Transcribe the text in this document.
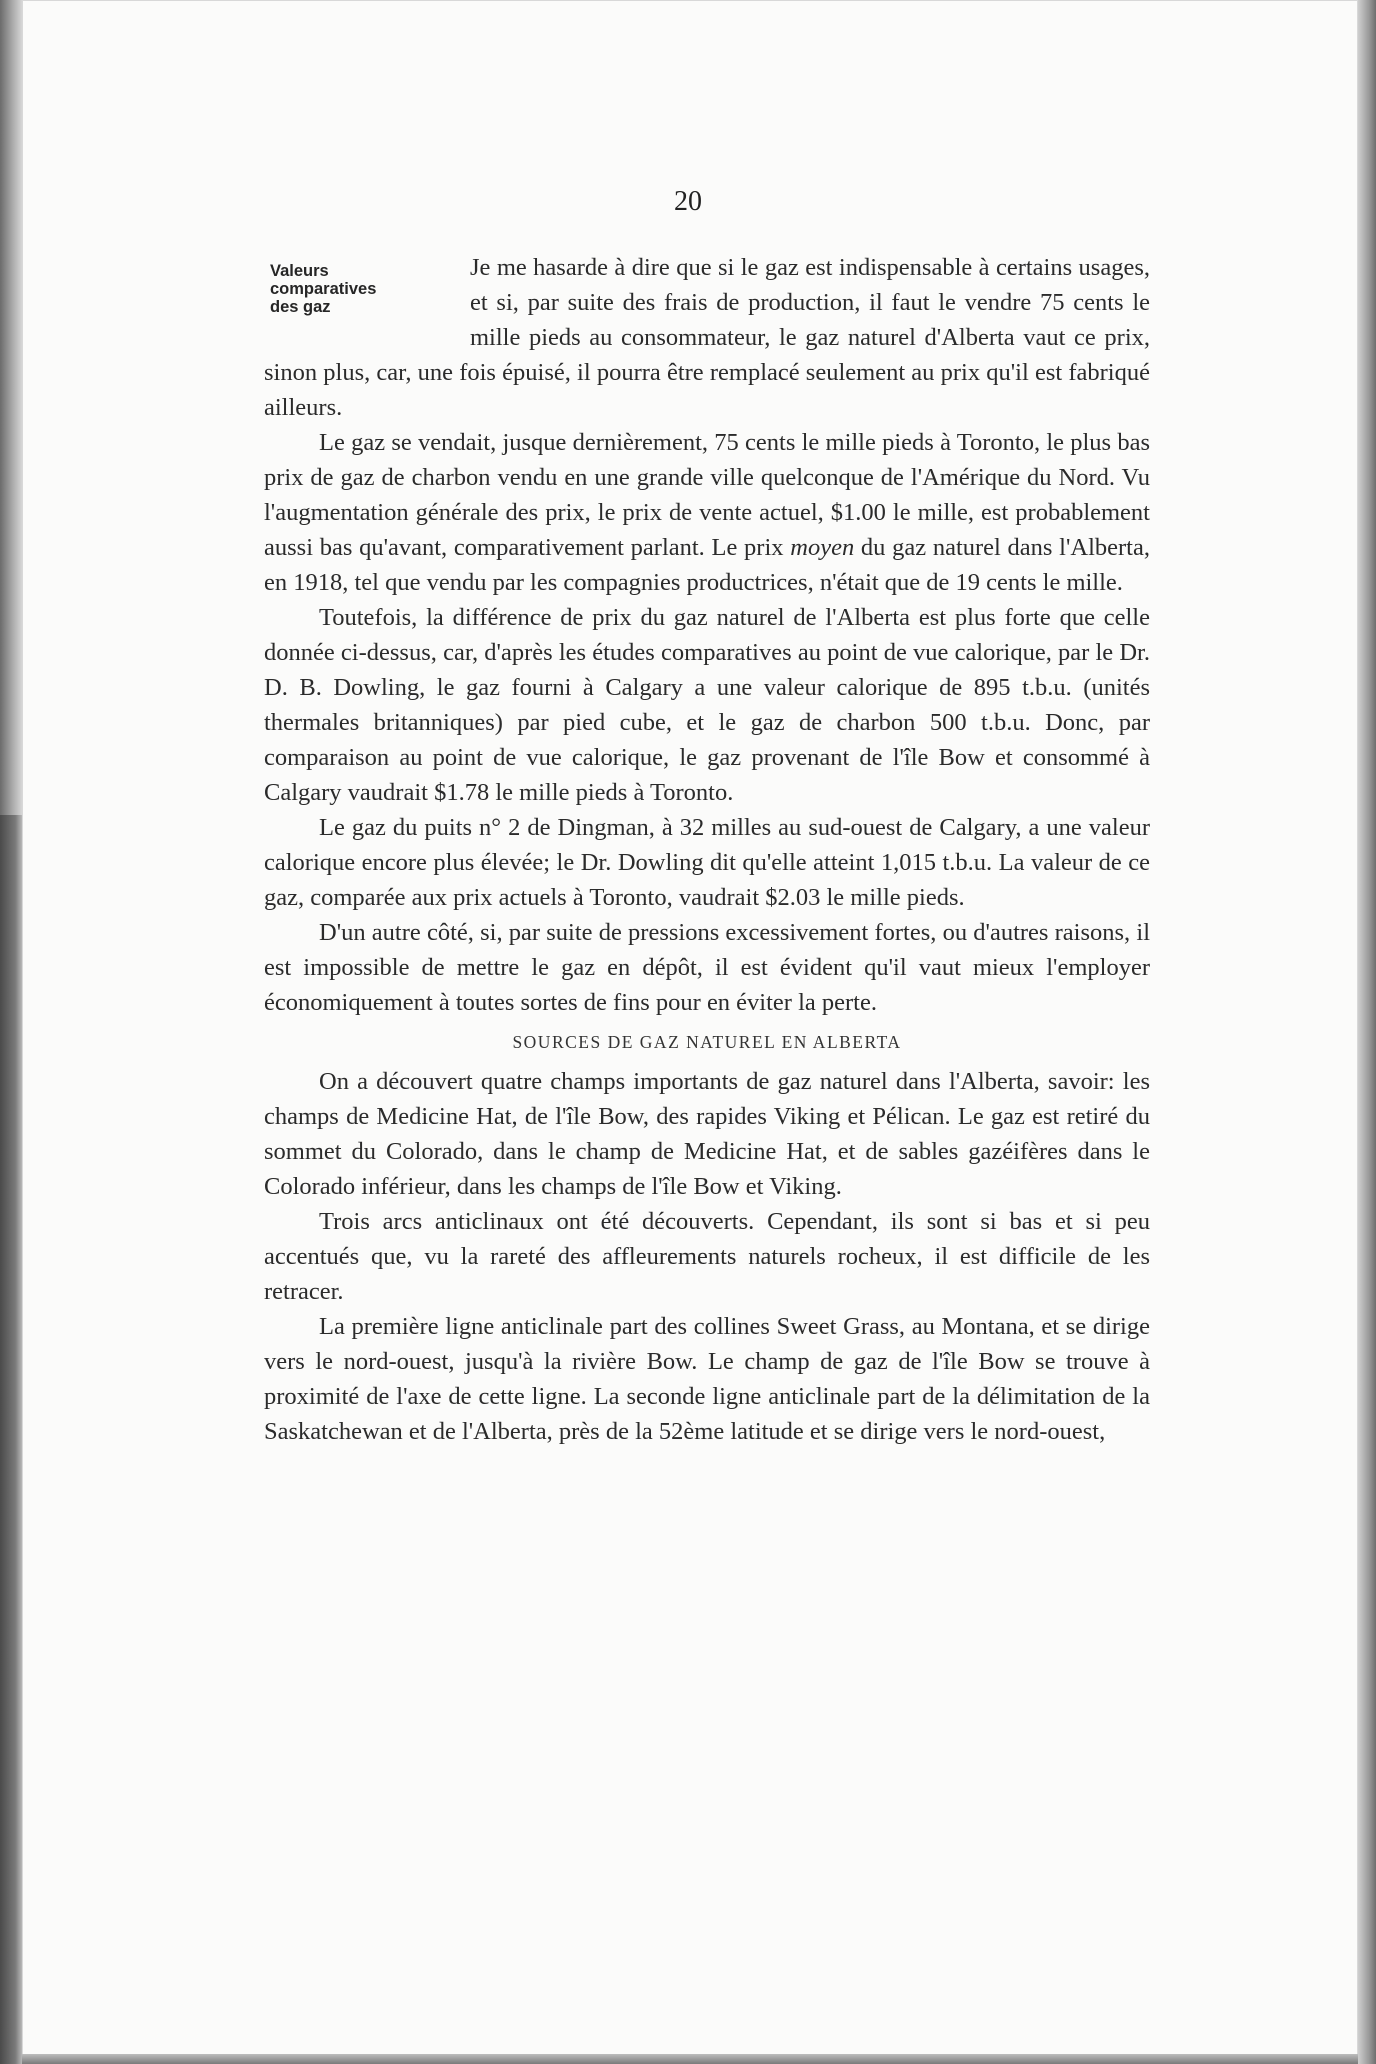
20
Valeurs
comparatives
des gaz

Je me hasarde à dire que si le gaz est indispensable à certains usages, et si, par suite des frais de production, il faut le vendre 75 cents le mille pieds au consommateur, le gaz naturel d'Alberta vaut ce prix, sinon plus, car, une fois épuisé, il pourra être remplacé seulement au prix qu'il est fabriqué ailleurs.

Le gaz se vendait, jusque dernièrement, 75 cents le mille pieds à Toronto, le plus bas prix de gaz de charbon vendu en une grande ville quelconque de l'Amérique du Nord. Vu l'augmentation générale des prix, le prix de vente actuel, $1.00 le mille, est probablement aussi bas qu'avant, comparativement parlant. Le prix moyen du gaz naturel dans l'Alberta, en 1918, tel que vendu par les compagnies productrices, n'était que de 19 cents le mille.

Toutefois, la différence de prix du gaz naturel de l'Alberta est plus forte que celle donnée ci-dessus, car, d'après les études comparatives au point de vue calorique, par le Dr. D. B. Dowling, le gaz fourni à Calgary a une valeur calorique de 895 t.b.u. (unités thermales britanniques) par pied cube, et le gaz de charbon 500 t.b.u. Donc, par comparaison au point de vue calorique, le gaz provenant de l'île Bow et consommé à Calgary vaudrait $1.78 le mille pieds à Toronto.

Le gaz du puits n° 2 de Dingman, à 32 milles au sud-ouest de Calgary, a une valeur calorique encore plus élevée; le Dr. Dowling dit qu'elle atteint 1,015 t.b.u. La valeur de ce gaz, comparée aux prix actuels à Toronto, vaudrait $2.03 le mille pieds.

D'un autre côté, si, par suite de pressions excessivement fortes, ou d'autres raisons, il est impossible de mettre le gaz en dépôt, il est évident qu'il vaut mieux l'employer économiquement à toutes sortes de fins pour en éviter la perte.

SOURCES DE GAZ NATUREL EN ALBERTA

On a découvert quatre champs importants de gaz naturel dans l'Alberta, savoir: les champs de Medicine Hat, de l'île Bow, des rapides Viking et Pélican. Le gaz est retiré du sommet du Colorado, dans le champ de Medicine Hat, et de sables gazéifères dans le Colorado inférieur, dans les champs de l'île Bow et Viking.

Trois arcs anticlinaux ont été découverts. Cependant, ils sont si bas et si peu accentués que, vu la rareté des affleurements naturels rocheux, il est difficile de les retracer.

La première ligne anticlinale part des collines Sweet Grass, au Montana, et se dirige vers le nord-ouest, jusqu'à la rivière Bow. Le champ de gaz de l'île Bow se trouve à proximité de l'axe de cette ligne. La seconde ligne anticlinale part de la délimitation de la Saskatchewan et de l'Alberta, près de la 52ème latitude et se dirige vers le nord-ouest,
